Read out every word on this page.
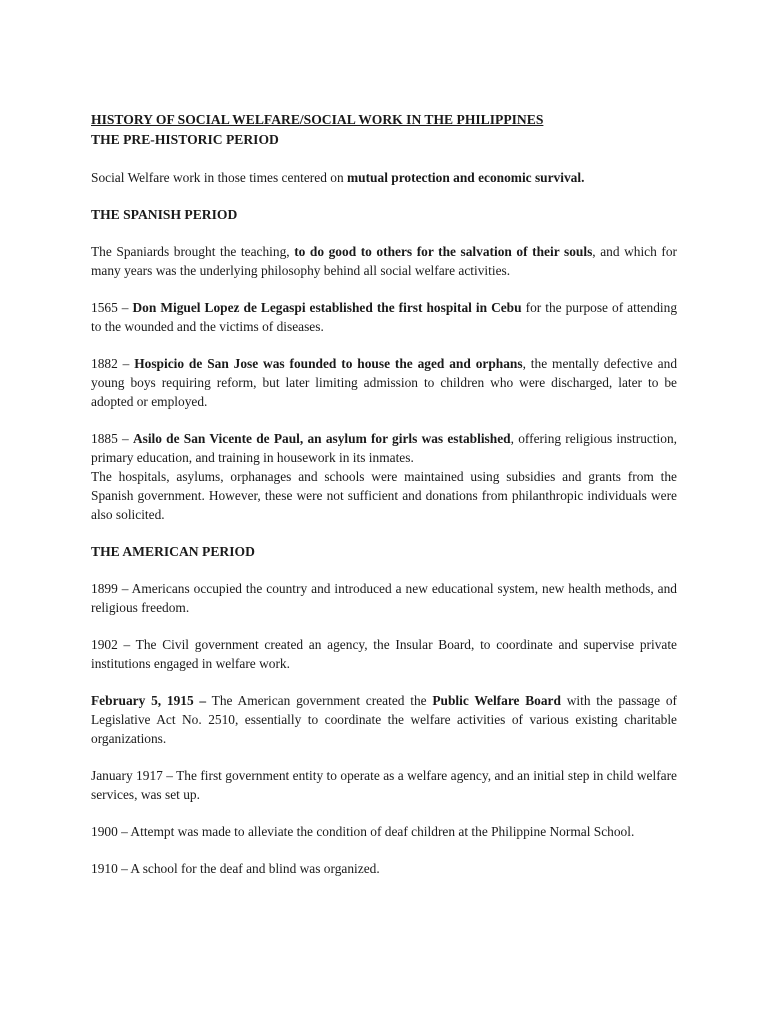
HISTORY OF SOCIAL WELFARE/SOCIAL WORK IN THE PHILIPPINES
THE PRE-HISTORIC PERIOD

Social Welfare work in those times centered on mutual protection and economic survival.

THE SPANISH PERIOD

The Spaniards brought the teaching, to do good to others for the salvation of their souls, and which for many years was the underlying philosophy behind all social welfare activities.

1565 – Don Miguel Lopez de Legaspi established the first hospital in Cebu for the purpose of attending to the wounded and the victims of diseases.

1882 – Hospicio de San Jose was founded to house the aged and orphans, the mentally defective and young boys requiring reform, but later limiting admission to children who were discharged, later to be adopted or employed.

1885 – Asilo de San Vicente de Paul, an asylum for girls was established, offering religious instruction, primary education, and training in housework in its inmates.

The hospitals, asylums, orphanages and schools were maintained using subsidies and grants from the Spanish government. However, these were not sufficient and donations from philanthropic individuals were also solicited.

THE AMERICAN PERIOD

1899 – Americans occupied the country and introduced a new educational system, new health methods, and religious freedom.

1902 – The Civil government created an agency, the Insular Board, to coordinate and supervise private institutions engaged in welfare work.

February 5, 1915 – The American government created the Public Welfare Board with the passage of Legislative Act No. 2510, essentially to coordinate the welfare activities of various existing charitable organizations.

January 1917 – The first government entity to operate as a welfare agency, and an initial step in child welfare services, was set up.

1900 – Attempt was made to alleviate the condition of deaf children at the Philippine Normal School.

1910 – A school for the deaf and blind was organized.
